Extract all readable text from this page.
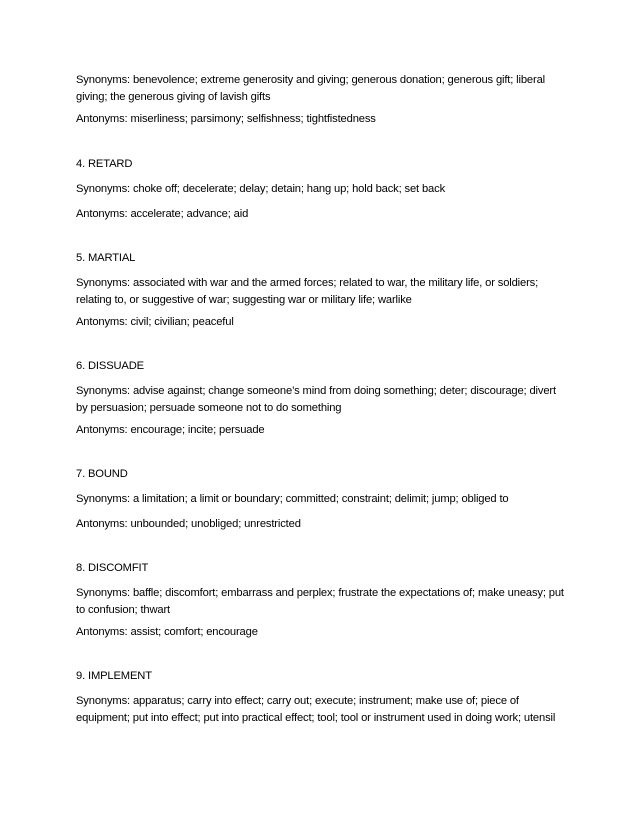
Synonyms: benevolence; extreme generosity and giving; generous donation; generous gift; liberal giving; the generous giving of lavish gifts

Antonyms: miserliness; parsimony; selfishness; tightfistedness

4. RETARD

Synonyms: choke off; decelerate; delay; detain; hang up; hold back; set back

Antonyms: accelerate; advance; aid

5. MARTIAL

Synonyms: associated with war and the armed forces; related to war, the military life, or soldiers; relating to, or suggestive of war; suggesting war or military life; warlike

Antonyms: civil; civilian; peaceful

6. DISSUADE

Synonyms: advise against; change someone’s mind from doing something; deter; discourage; divert by persuasion; persuade someone not to do something

Antonyms: encourage; incite; persuade

7. BOUND

Synonyms: a limitation; a limit or boundary; committed; constraint; delimit; jump; obliged to

Antonyms: unbounded; unobliged; unrestricted

8. DISCOMFIT

Synonyms: baffle; discomfort; embarrass and perplex; frustrate the expectations of; make uneasy; put to confusion; thwart

Antonyms: assist; comfort; encourage

9. IMPLEMENT

Synonyms: apparatus; carry into effect; carry out; execute; instrument; make use of; piece of equipment; put into effect; put into practical effect; tool; tool or instrument used in doing work; utensil
